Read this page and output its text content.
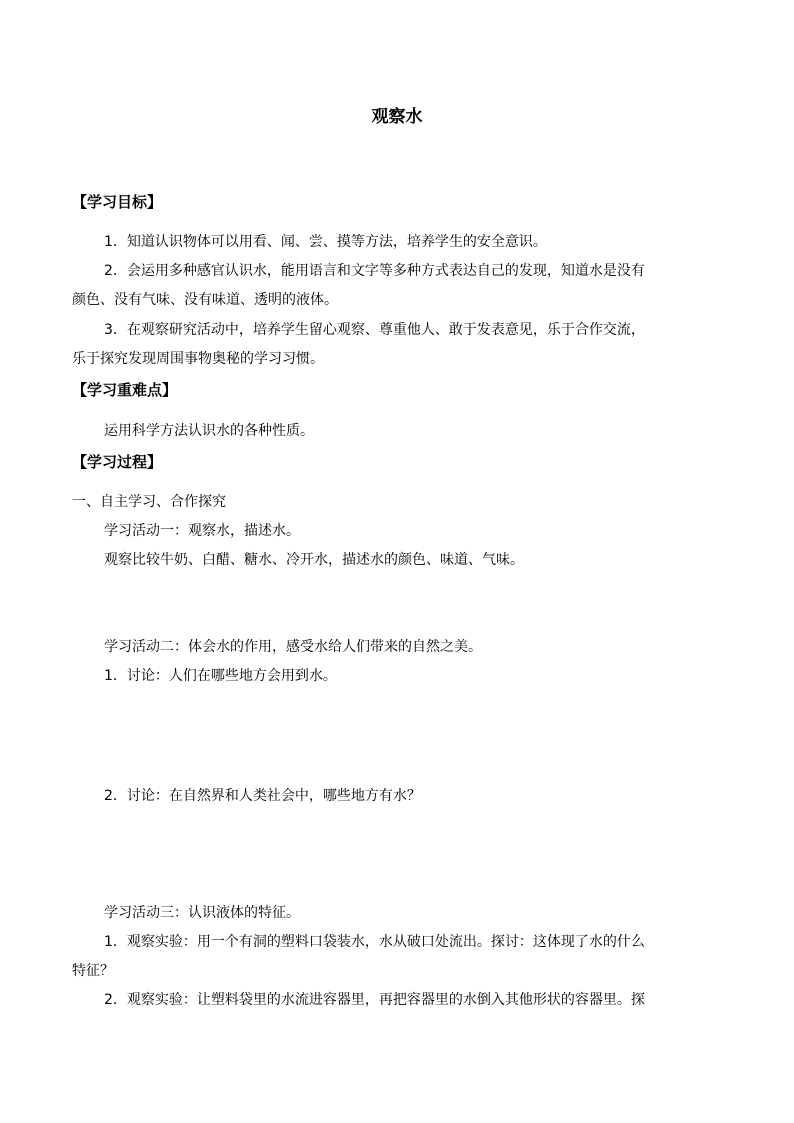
观察水
【学习目标】
1．知道认识物体可以用看、闻、尝、摸等方法，培养学生的安全意识。
2．会运用多种感官认识水，能用语言和文字等多种方式表达自己的发现，知道水是没有
颜色、没有气味、没有味道、透明的液体。
3．在观察研究活动中，培养学生留心观察、尊重他人、敢于发表意见，乐于合作交流，
乐于探究发现周围事物奥秘的学习习惯。
【学习重难点】
运用科学方法认识水的各种性质。
【学习过程】
一、自主学习、合作探究
学习活动一：观察水，描述水。
观察比较牛奶、白醋、糖水、冷开水，描述水的颜色、味道、气味。
学习活动二：体会水的作用，感受水给人们带来的自然之美。
1．讨论：人们在哪些地方会用到水。
2．讨论：在自然界和人类社会中，哪些地方有水？
学习活动三：认识液体的特征。
1．观察实验：用一个有洞的塑料口袋装水，水从破口处流出。探讨：这体现了水的什么
特征？
2．观察实验：让塑料袋里的水流进容器里，再把容器里的水倒入其他形状的容器里。探
